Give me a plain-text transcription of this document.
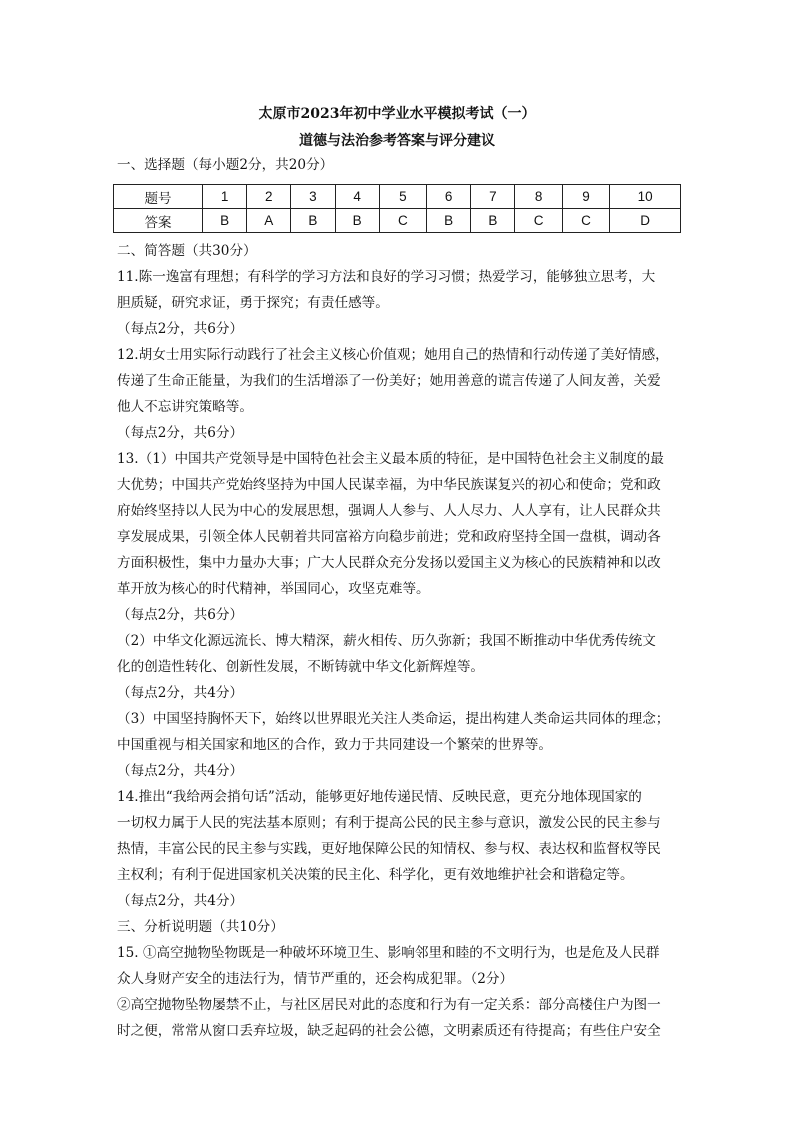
太原市2023年初中学业水平模拟考试（一）
道德与法治参考答案与评分建议
一、选择题（每小题2分，共20分）
题号	1	2	3	4	5	6	7	8	9	10
答案	B	A	B	B	C	B	B	C	C	D
二、简答题（共30分）
11.陈一逸富有理想；有科学的学习方法和良好的学习习惯；热爱学习，能够独立思考，大
胆质疑，研究求证，勇于探究；有责任感等。
（每点2分，共6分）
12.胡女士用实际行动践行了社会主义核心价值观；她用自己的热情和行动传递了美好情感，
传递了生命正能量，为我们的生活增添了一份美好；她用善意的谎言传递了人间友善，关爱
他人不忘讲究策略等。
（每点2分，共6分）
13.（1）中国共产党领导是中国特色社会主义最本质的特征，是中国特色社会主义制度的最
大优势；中国共产党始终坚持为中国人民谋幸福，为中华民族谋复兴的初心和使命；党和政
府始终坚持以人民为中心的发展思想，强调人人参与、人人尽力、人人享有，让人民群众共
享发展成果，引领全体人民朝着共同富裕方向稳步前进；党和政府坚持全国一盘棋，调动各
方面积极性，集中力量办大事；广大人民群众充分发扬以爱国主义为核心的民族精神和以改
革开放为核心的时代精神，举国同心，攻坚克难等。
（每点2分，共6分）
（2）中华文化源远流长、博大精深，薪火相传、历久弥新；我国不断推动中华优秀传统文
化的创造性转化、创新性发展，不断铸就中华文化新辉煌等。
（每点2分，共4分）
（3）中国坚持胸怀天下，始终以世界眼光关注人类命运，提出构建人类命运共同体的理念；
中国重视与相关国家和地区的合作，致力于共同建设一个繁荣的世界等。
（每点2分，共4分）
14.推出“我给两会捎句话”活动，能够更好地传递民情、反映民意，更充分地体现国家的
一切权力属于人民的宪法基本原则；有利于提高公民的民主参与意识，激发公民的民主参与
热情，丰富公民的民主参与实践，更好地保障公民的知情权、参与权、表达权和监督权等民
主权利；有利于促进国家机关决策的民主化、科学化，更有效地维护社会和谐稳定等。
（每点2分，共4分）
三、分析说明题（共10分）
15. ①高空抛物坠物既是一种破坏环境卫生、影响邻里和睦的不文明行为，也是危及人民群
众人身财产安全的违法行为，情节严重的，还会构成犯罪。（2分）
②高空抛物坠物屡禁不止，与社区居民对此的态度和行为有一定关系：部分高楼住户为图一
时之便，常常从窗口丢弃垃圾，缺乏起码的社会公德，文明素质还有待提高；有些住户安全
